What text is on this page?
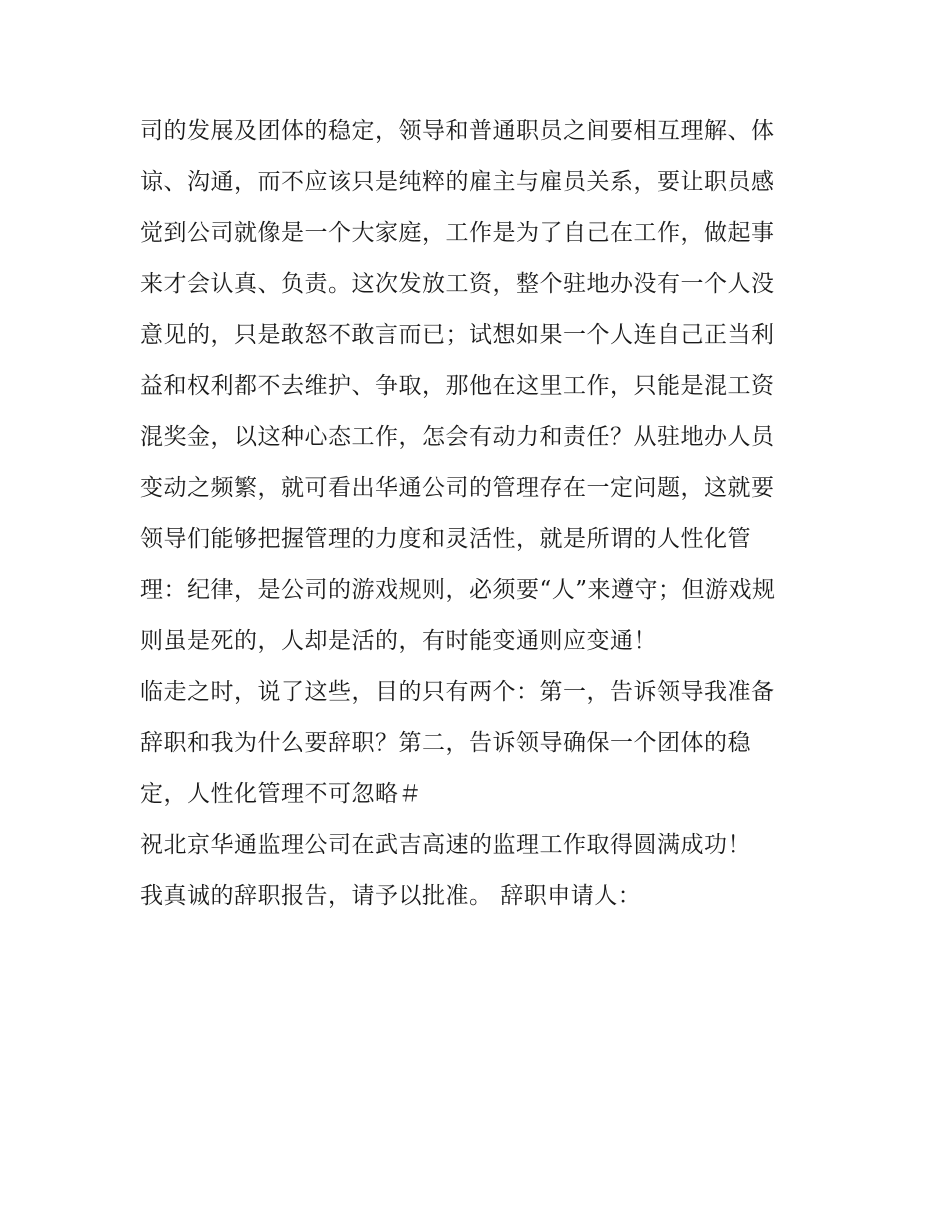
司的发展及团体的稳定，领导和普通职员之间要相互理解、体
谅、沟通，而不应该只是纯粹的雇主与雇员关系，要让职员感
觉到公司就像是一个大家庭，工作是为了自己在工作，做起事
来才会认真、负责。这次发放工资，整个驻地办没有一个人没
意见的，只是敢怒不敢言而已；试想如果一个人连自己正当利
益和权利都不去维护、争取，那他在这里工作，只能是混工资
混奖金，以这种心态工作，怎会有动力和责任？从驻地办人员
变动之频繁，就可看出华通公司的管理存在一定问题，这就要
领导们能够把握管理的力度和灵活性，就是所谓的人性化管
理：纪律，是公司的游戏规则，必须要“人”来遵守；但游戏规
则虽是死的，人却是活的，有时能变通则应变通！
临走之时，说了这些，目的只有两个：第一，告诉领导我准备
辞职和我为什么要辞职？第二，告诉领导确保一个团体的稳
定，人性化管理不可忽略＃
祝北京华通监理公司在武吉高速的监理工作取得圆满成功！
我真诚的辞职报告，请予以批准。 辞职申请人：
